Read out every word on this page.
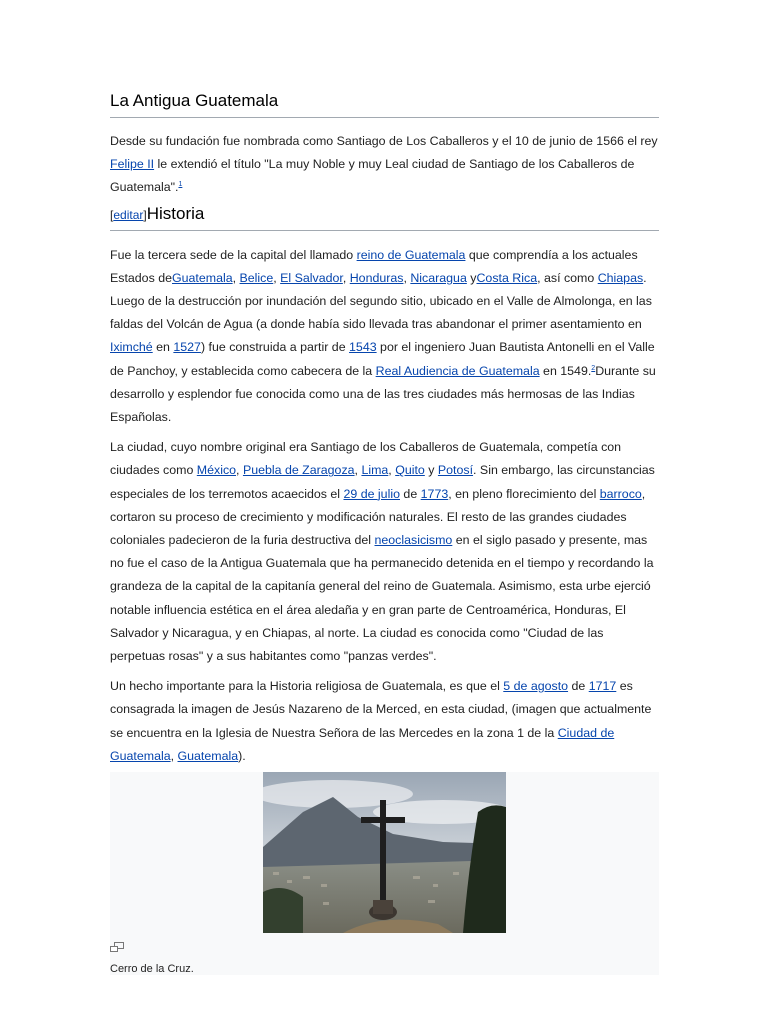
La Antigua Guatemala

Desde su fundación fue nombrada como Santiago de Los Caballeros y el 10 de junio de 1566 el rey Felipe II le extendió el título "La muy Noble y muy Leal ciudad de Santiago de los Caballeros de Guatemala".$^1$

[editar]Historia

Fue la tercera sede de la capital del llamado reino de Guatemala que comprendía a los actuales Estados deGuatemala, Belice, El Salvador, Honduras, Nicaragua yCosta Rica, así como Chiapas. Luego de la destrucción por inundación del segundo sitio, ubicado en el Valle de Almolonga, en las faldas del Volcán de Agua (a donde había sido llevada tras abandonar el primer asentamiento en Iximché en 1527) fue construida a partir de 1543 por el ingeniero Juan Bautista Antonelli en el Valle de Panchoy, y establecida como cabecera de la Real Audiencia de Guatemala en 1549.$^2$Durante su desarrollo y esplendor fue conocida como una de las tres ciudades más hermosas de las Indias Españolas.

La ciudad, cuyo nombre original era Santiago de los Caballeros de Guatemala, competía con ciudades como México, Puebla de Zaragoza, Lima, Quito y Potosí. Sin embargo, las circunstancias especiales de los terremotos acaecidos el 29 de julio de 1773, en pleno florecimiento del barroco, cortaron su proceso de crecimiento y modificación naturales. El resto de las grandes ciudades coloniales padecieron de la furia destructiva del neoclasicismo en el siglo pasado y presente, mas no fue el caso de la Antigua Guatemala que ha permanecido detenida en el tiempo y recordando la grandeza de la capital de la capitanía general del reino de Guatemala. Asimismo, esta urbe ejerció notable influencia estética en el área aledaña y en gran parte de Centroamérica, Honduras, El Salvador y Nicaragua, y en Chiapas, al norte. La ciudad es conocida como "Ciudad de las perpetuas rosas" y a sus habitantes como "panzas verdes".

Un hecho importante para la Historia religiosa de Guatemala, es que el 5 de agosto de 1717 es consagrada la imagen de Jesús Nazareno de la Merced, en esta ciudad, (imagen que actualmente se encuentra en la Iglesia de Nuestra Señora de las Mercedes en la zona 1 de la Ciudad de Guatemala, Guatemala).

Cerro de la Cruz.
